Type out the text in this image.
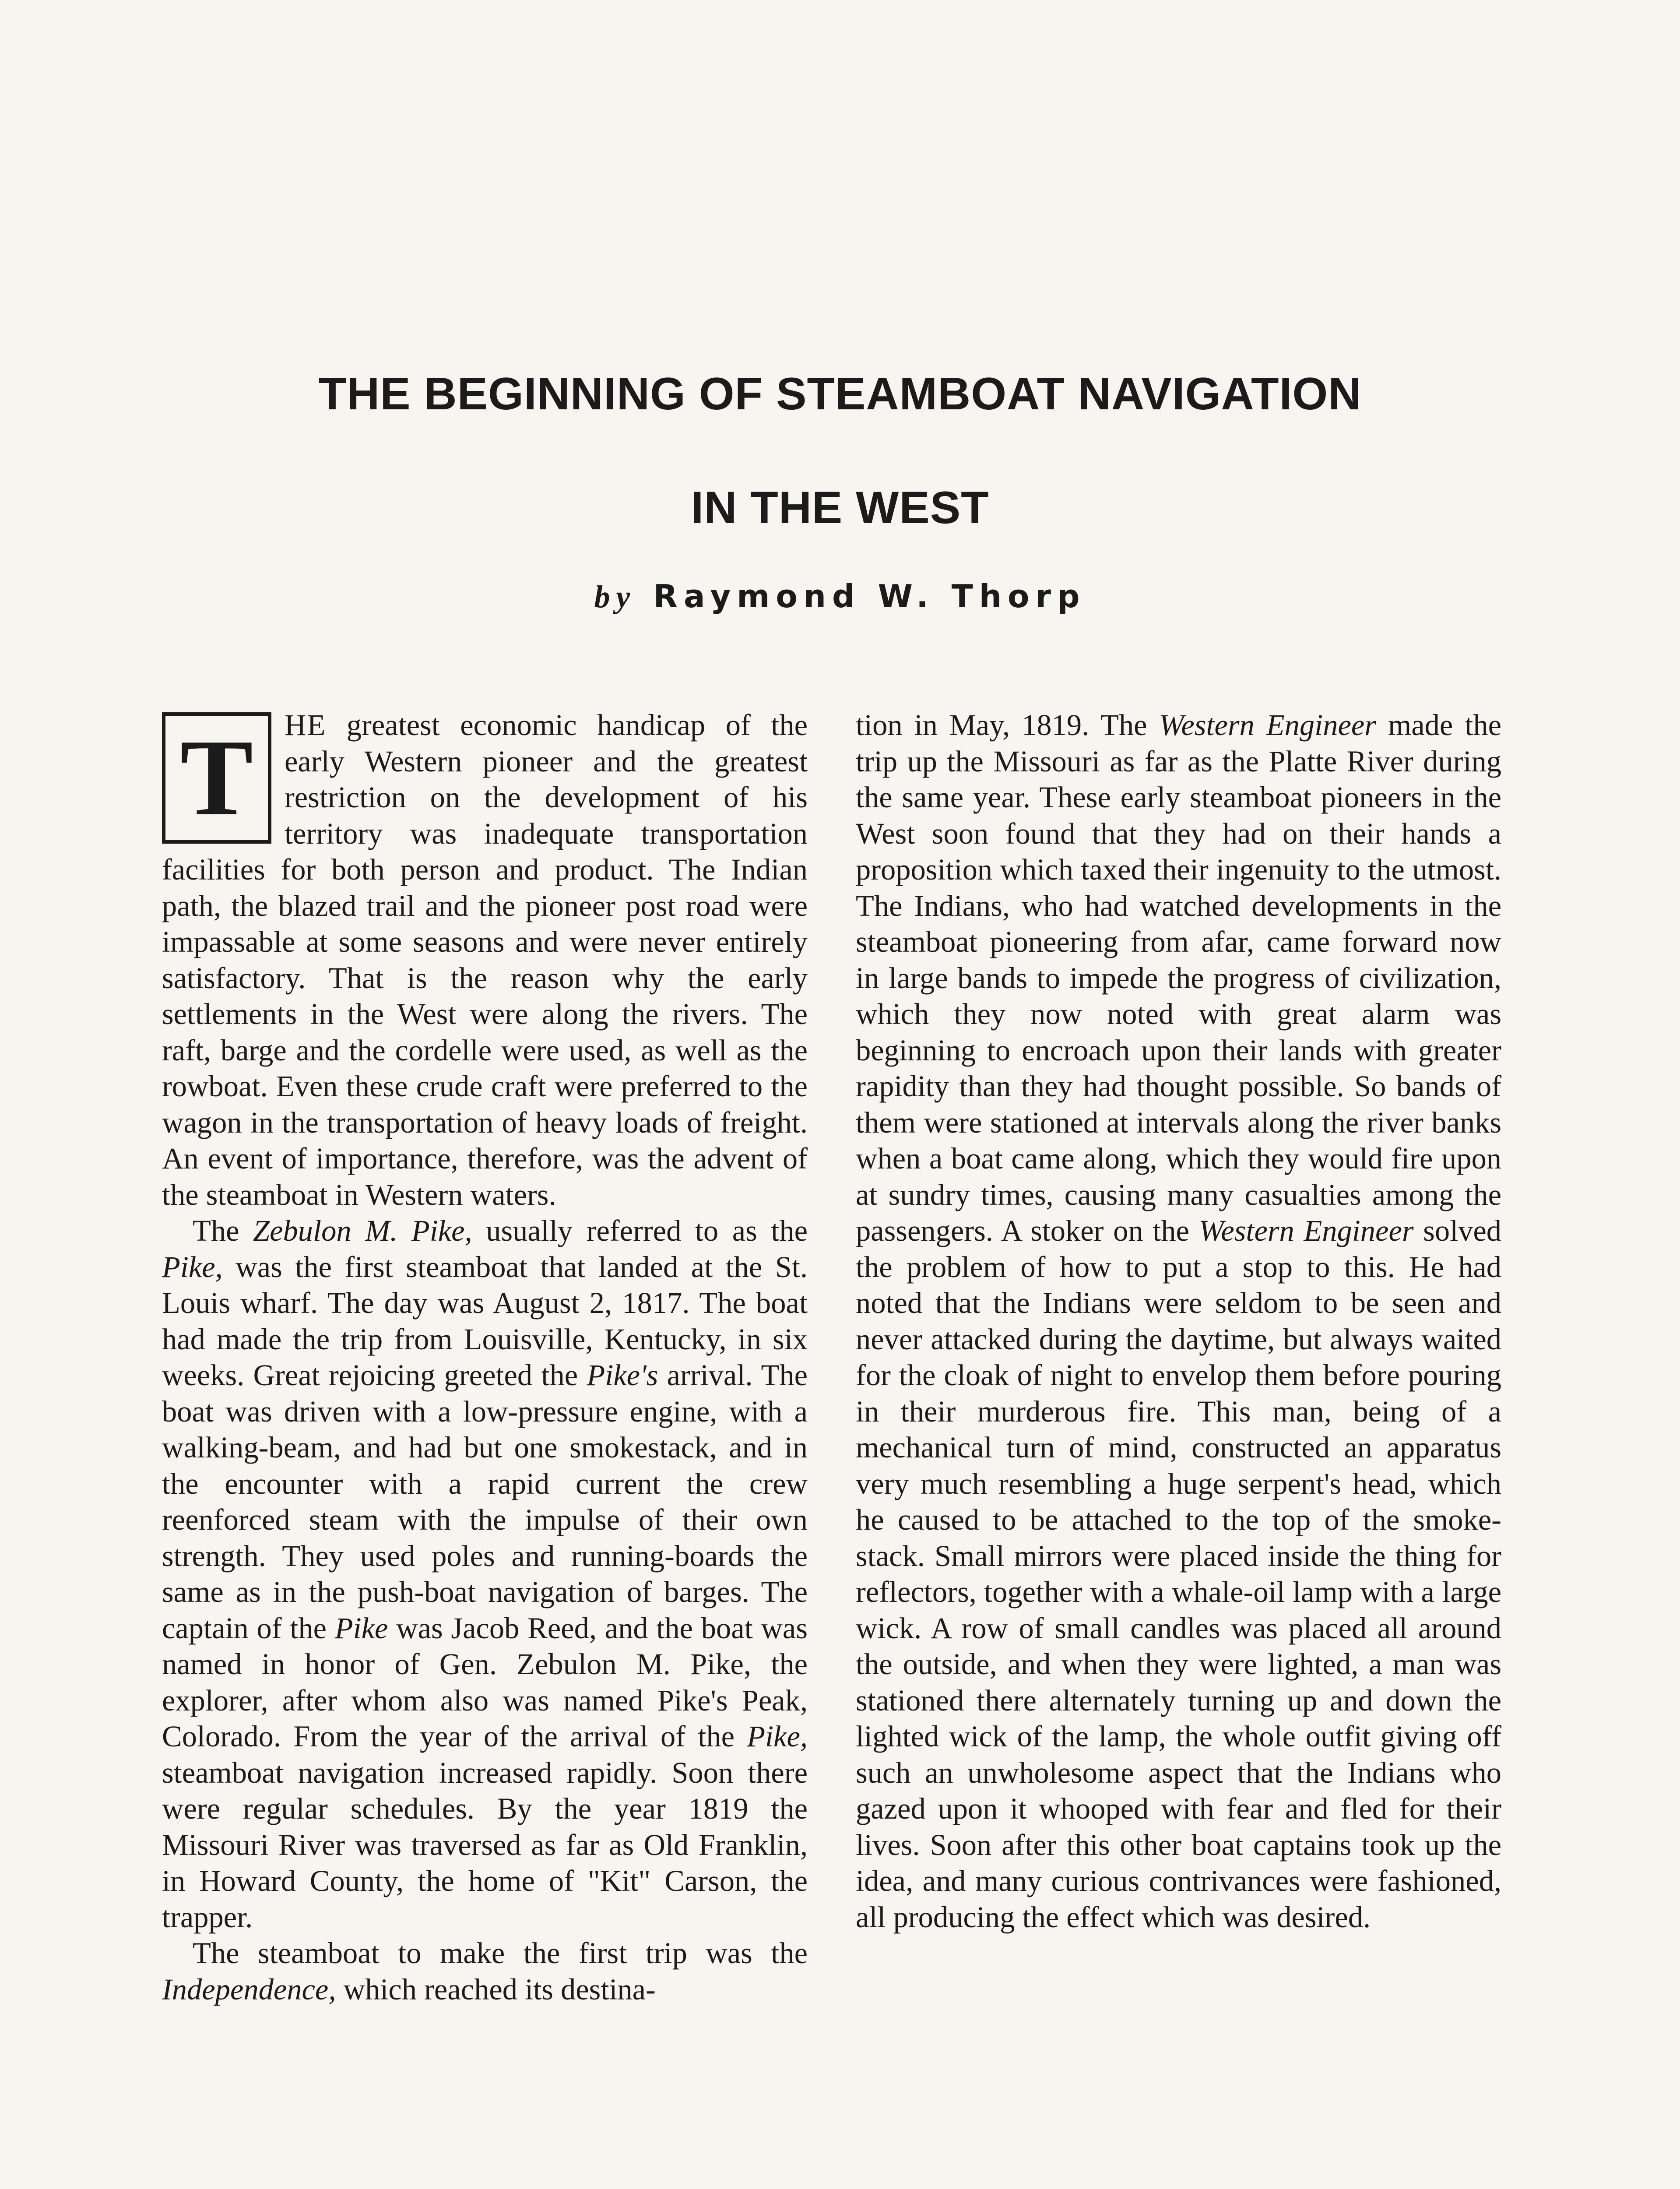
THE BEGINNING OF STEAMBOAT NAVIGATION
IN THE WEST
by Raymond W. Thorp

T	HE greatest economic handicap of the early Western pioneer and the greatest restriction on the development of his territory was inadequate transportation facilities for both person and product. The Indian path, the blazed trail and the pioneer post road were impassable at some seasons and were never entirely satisfactory. That is the reason why the early settlements in the West were along the rivers. The raft, barge and the cordelle were used, as well as the rowboat. Even these crude craft were preferred to the wagon in the transportation of heavy loads of freight. An event of importance, therefore, was the advent of the steamboat in Western waters.

The Zebulon M. Pike, usually referred to as the Pike, was the first steamboat that landed at the St. Louis wharf. The day was August 2, 1817. The boat had made the trip from Louisville, Kentucky, in six weeks. Great rejoicing greeted the Pike's arrival. The boat was driven with a low-pressure engine, with a walking-beam, and had but one smokestack, and in the encounter with a rapid current the crew reenforced steam with the impulse of their own strength. They used poles and running-boards the same as in the push-boat navigation of barges. The captain of the Pike was Jacob Reed, and the boat was named in honor of Gen. Zebulon M. Pike, the explorer, after whom also was named Pike's Peak, Colorado. From the year of the arrival of the Pike, steamboat navigation increased rapidly. Soon there were regular schedules. By the year 1819 the Missouri River was traversed as far as Old Franklin, in Howard County, the home of "Kit" Carson, the trapper.

The steamboat to make the first trip was the Independence, which reached its destina-

tion in May, 1819. The Western Engineer made the trip up the Missouri as far as the Platte River during the same year. These early steamboat pioneers in the West soon found that they had on their hands a proposition which taxed their ingenuity to the utmost. The Indians, who had watched developments in the steamboat pioneering from afar, came forward now in large bands to impede the progress of civilization, which they now noted with great alarm was beginning to encroach upon their lands with greater rapidity than they had thought possible. So bands of them were stationed at intervals along the river banks when a boat came along, which they would fire upon at sundry times, causing many casualties among the passengers. A stoker on the Western Engineer solved the problem of how to put a stop to this. He had noted that the Indians were seldom to be seen and never attacked during the daytime, but always waited for the cloak of night to envelop them before pouring in their murderous fire. This man, being of a mechanical turn of mind, constructed an apparatus very much resembling a huge serpent's head, which he caused to be attached to the top of the smoke-stack. Small mirrors were placed inside the thing for reflectors, together with a whale-oil lamp with a large wick. A row of small candles was placed all around the outside, and when they were lighted, a man was stationed there alternately turning up and down the lighted wick of the lamp, the whole outfit giving off such an unwholesome aspect that the Indians who gazed upon it whooped with fear and fled for their lives. Soon after this other boat captains took up the idea, and many curious contrivances were fashioned, all producing the effect which was desired.
